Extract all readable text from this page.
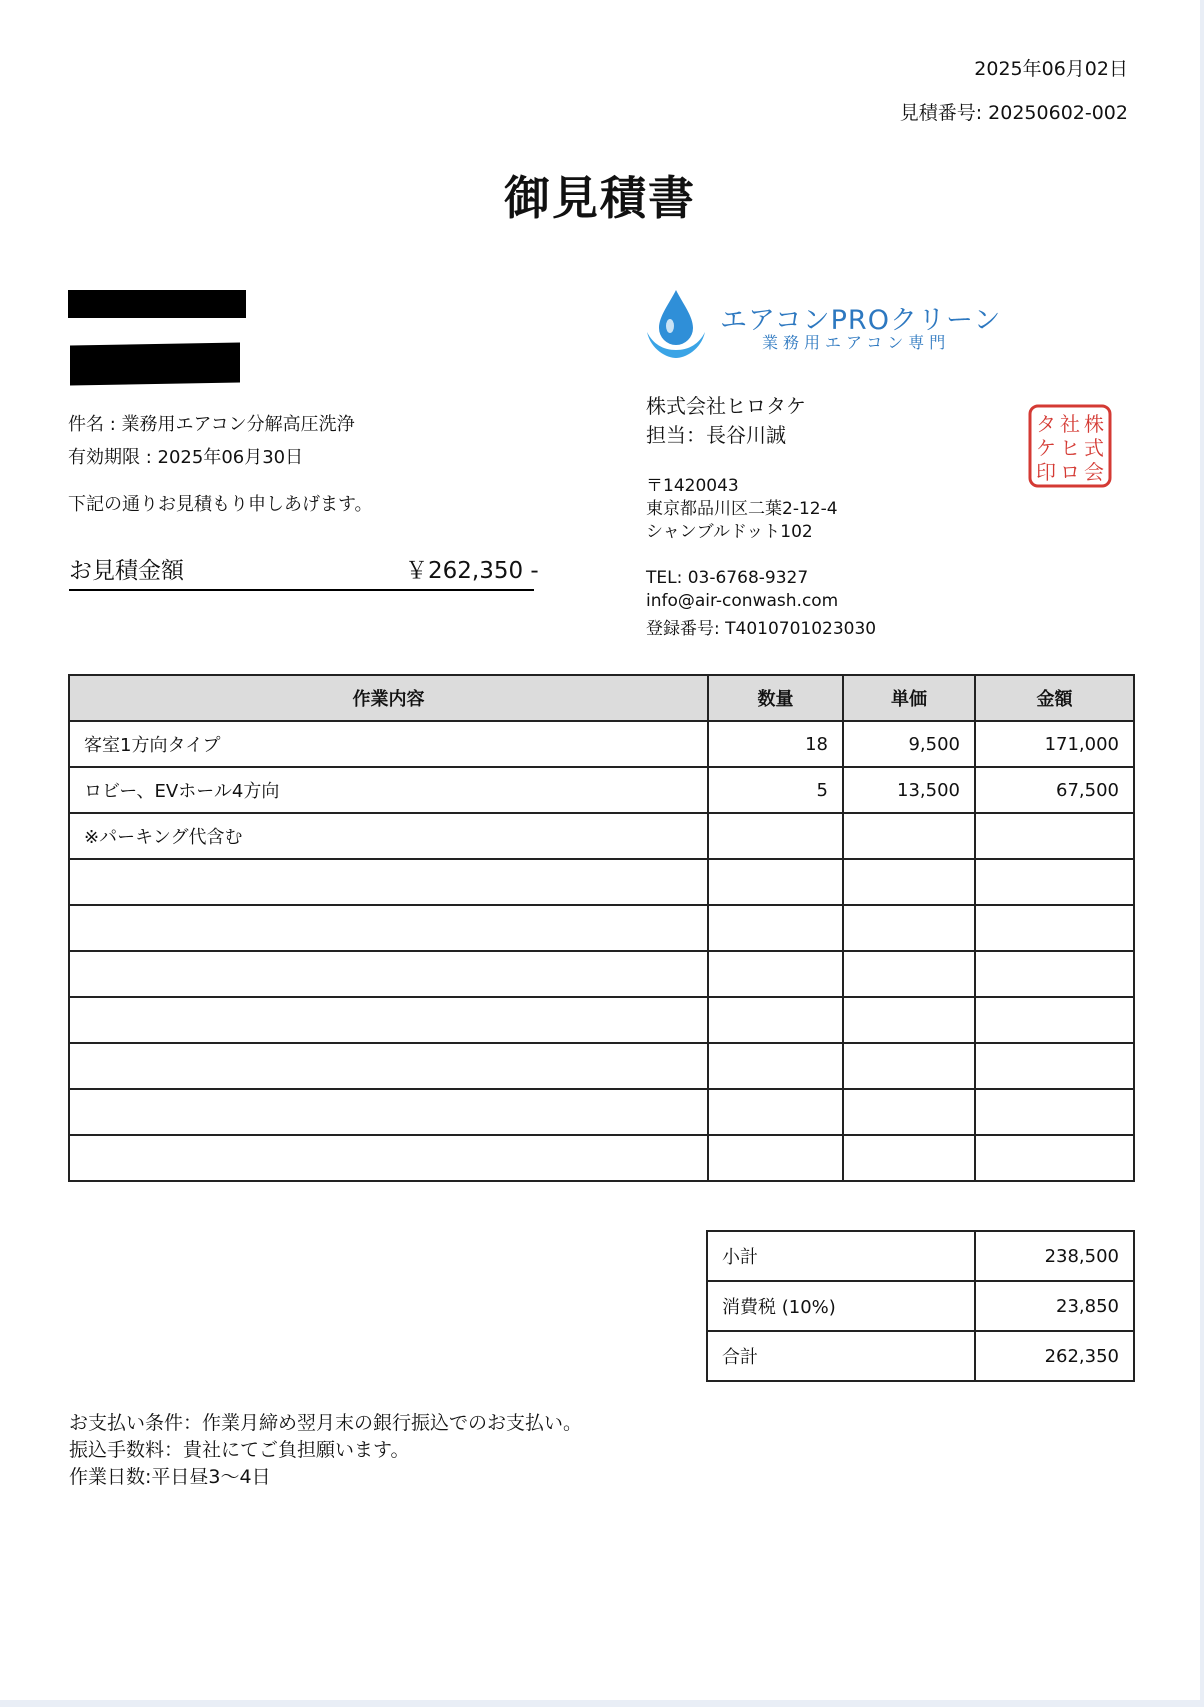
2025年06月02日
見積番号: 20250602-002
御見積書
件名 : 業務用エアコン分解高圧洗浄
有効期限 : 2025年06月30日
下記の通りお見積もり申しあげます。
お見積金額	￥262,350 -
エアコンPROクリーン
業務用エアコン専門
株式会社ヒロタケ
担当：長谷川誠
〒1420043
東京都品川区二葉2-12-4
シャンブルドット102
TEL: 03-6768-9327
info@air-conwash.com
登録番号: T4010701023030
株
式
会
社
ヒ
ロ
タ
ケ
印
作業内容	数量	単価	金額
客室1方向タイプ	18	9,500	171,000
ロビー、EVホール4方向	5	13,500	67,500
※パーキング代含む			

小計	238,500
消費税 (10%)	23,850
合計	262,350
お支払い条件：作業月締め翌月末の銀行振込でのお支払い。
振込手数料：貴社にてご負担願います。
作業日数:平日昼3〜4日
